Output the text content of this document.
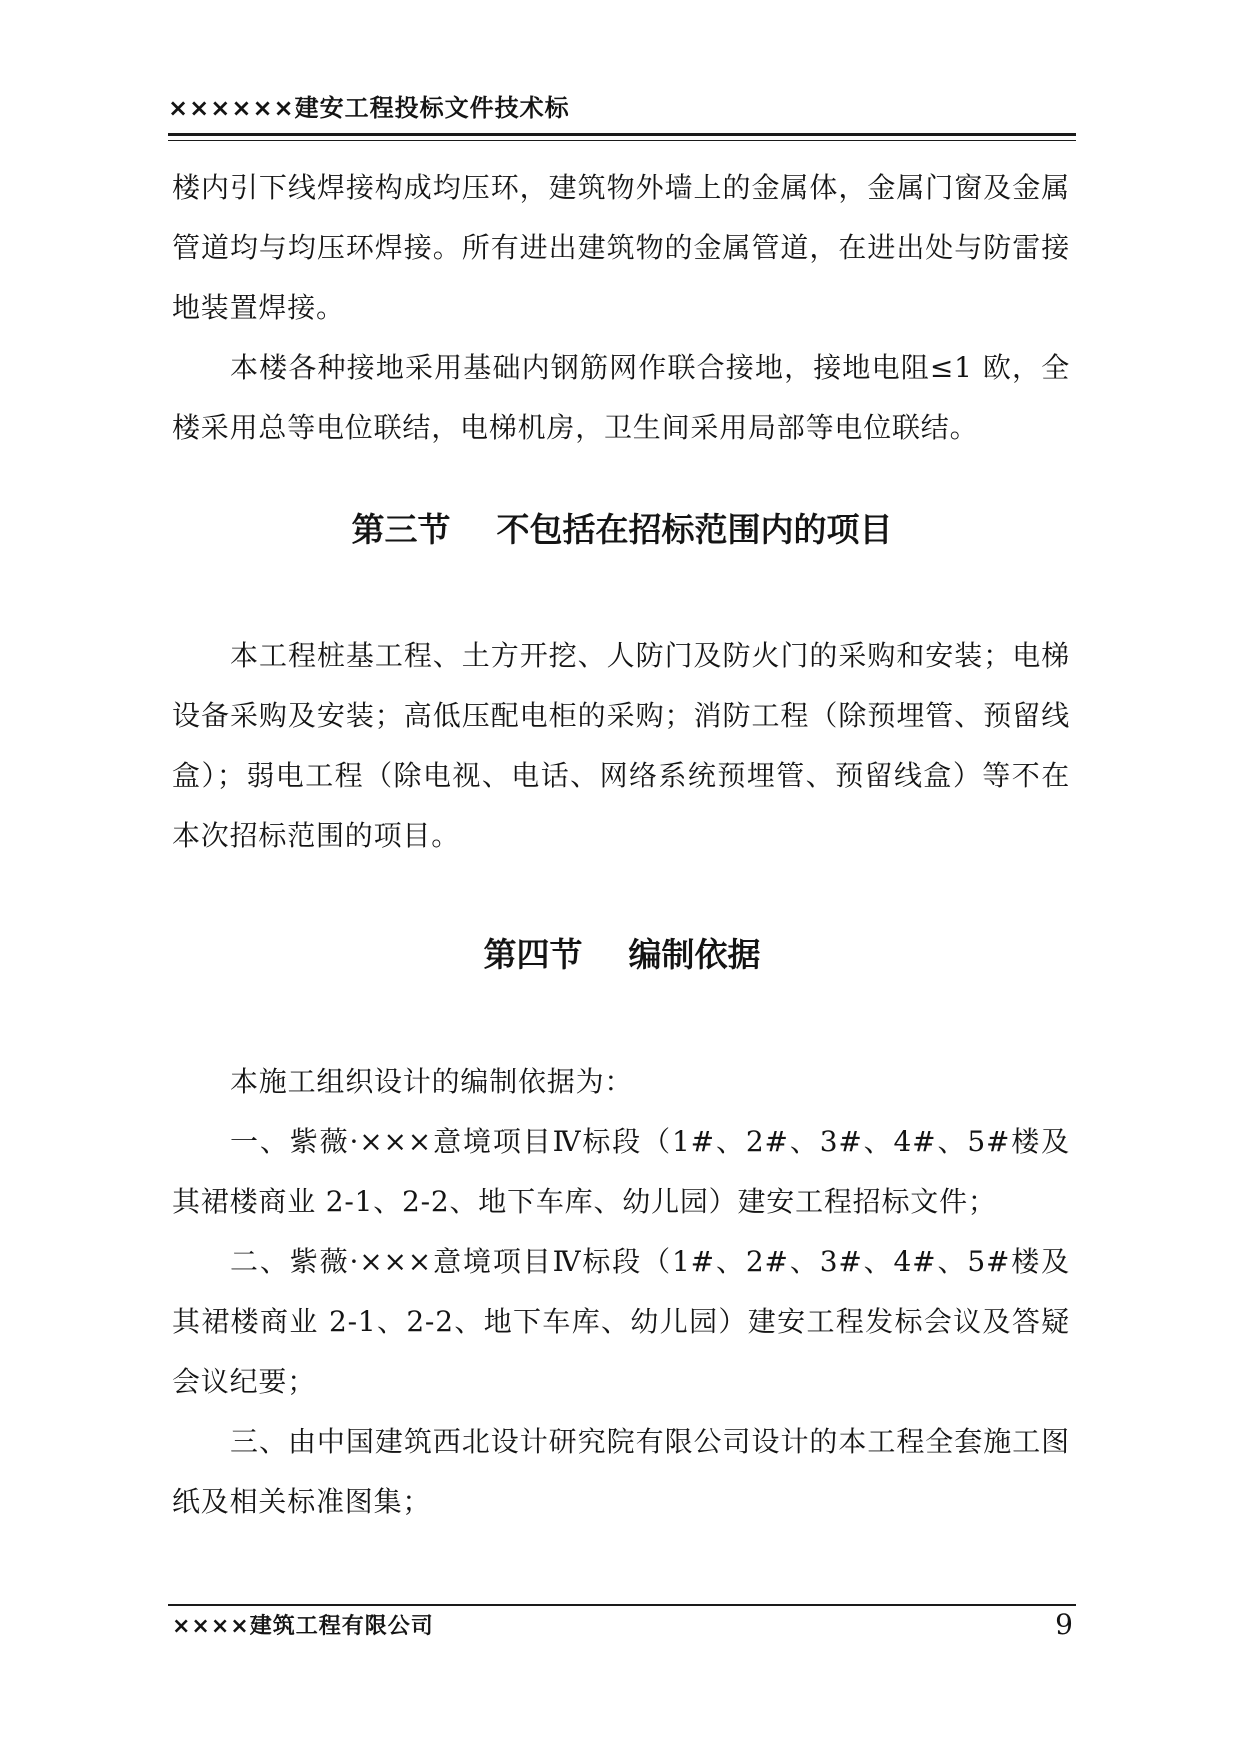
××××××建安工程投标文件技术标

楼内引下线焊接构成均压环，建筑物外墙上的金属体，金属门窗及金属管道均与均压环焊接。所有进出建筑物的金属管道，在进出处与防雷接地装置焊接。

本楼各种接地采用基础内钢筋网作联合接地，接地电阻≤1 欧，全楼采用总等电位联结，电梯机房，卫生间采用局部等电位联结。

第三节    不包括在招标范围内的项目

本工程桩基工程、土方开挖、人防门及防火门的采购和安装；电梯设备采购及安装；高低压配电柜的采购；消防工程（除预埋管、预留线盒）；弱电工程（除电视、电话、网络系统预埋管、预留线盒）等不在本次招标范围的项目。

第四节    编制依据

本施工组织设计的编制依据为：

一、紫薇·×××意境项目Ⅳ标段（1#、2#、3#、4#、5#楼及其裙楼商业 2-1、2-2、地下车库、幼儿园）建安工程招标文件；

二、紫薇·×××意境项目Ⅳ标段（1#、2#、3#、4#、5#楼及其裙楼商业 2-1、2-2、地下车库、幼儿园）建安工程发标会议及答疑会议纪要；

三、由中国建筑西北设计研究院有限公司设计的本工程全套施工图纸及相关标准图集；

××××建筑工程有限公司	9
